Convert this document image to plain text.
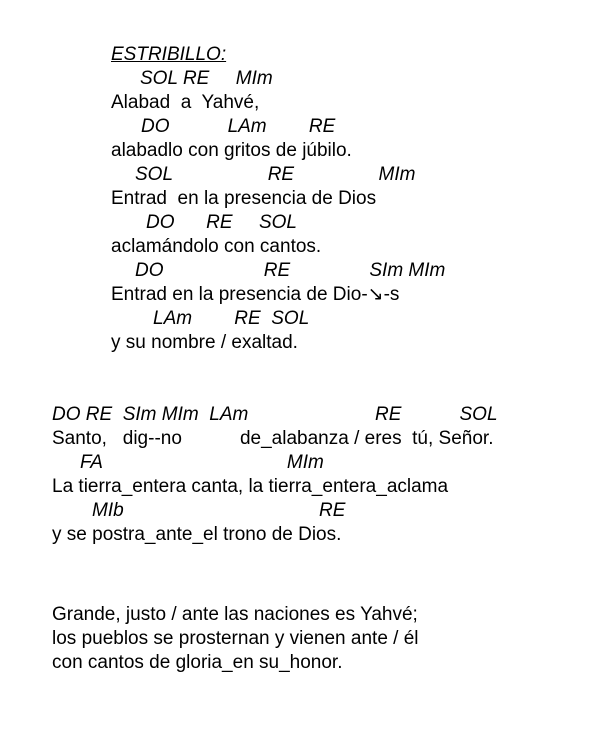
ESTRIBILLO:

SOL RE     MIm

Alabad  a  Yahvé,

DO           LAm        RE

alabadlo con gritos de júbilo.

SOL                  RE                MIm

Entrad  en la presencia de Dios

DO      RE     SOL

aclamándolo con cantos.

DO                   RE               SIm MIm

Entrad en la presencia de Dio-↘-s

LAm        RE  SOL

y su nombre / exaltad.

DO RE  SIm MIm  LAm                        RE           SOL

Santo,   dig--no           de_alabanza / eres  tú, Señor.

FA                                   MIm

La tierra_entera canta, la tierra_entera_aclama

MIb                                     RE

y se postra_ante_el trono de Dios.

Grande, justo / ante las naciones es Yahvé;

los pueblos se prosternan y vienen ante / él

con cantos de gloria_en su_honor.
